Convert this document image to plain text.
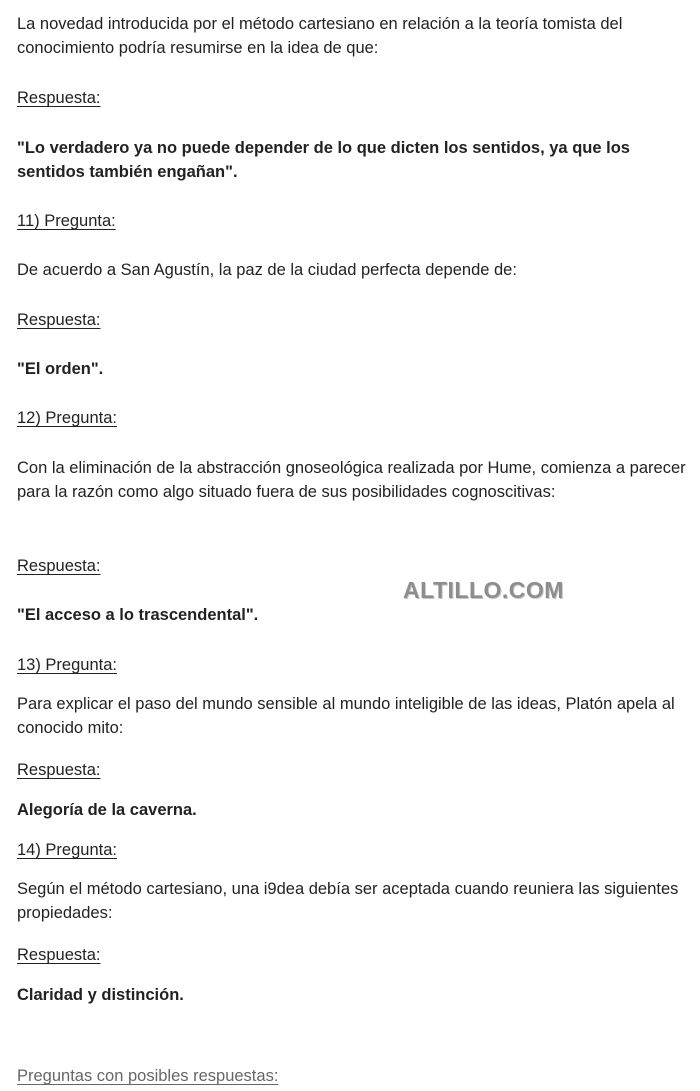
La novedad introducida por el método cartesiano en relación a la teoría tomista del conocimiento podría resumirse en la idea de que:
Respuesta:
"Lo verdadero ya no puede depender de lo que dicten los sentidos, ya que los sentidos también engañan".
11) Pregunta:
De acuerdo a San Agustín, la paz de la ciudad perfecta depende de:
Respuesta:
"El orden".
12) Pregunta:
Con la eliminación de la abstracción gnoseológica realizada por Hume, comienza a parecer para la razón como algo situado fuera de sus posibilidades cognoscitivas:
Respuesta:
"El acceso a lo trascendental".
ALTILLO.COM
13) Pregunta:
Para explicar el paso del mundo sensible al mundo inteligible de las ideas, Platón apela al conocido mito:
Respuesta:
Alegoría de la caverna.
14) Pregunta:
Según el método cartesiano, una i9dea debía ser aceptada cuando reuniera las siguientes propiedades:
Respuesta:
Claridad y distinción.
Preguntas con posibles respuestas:
